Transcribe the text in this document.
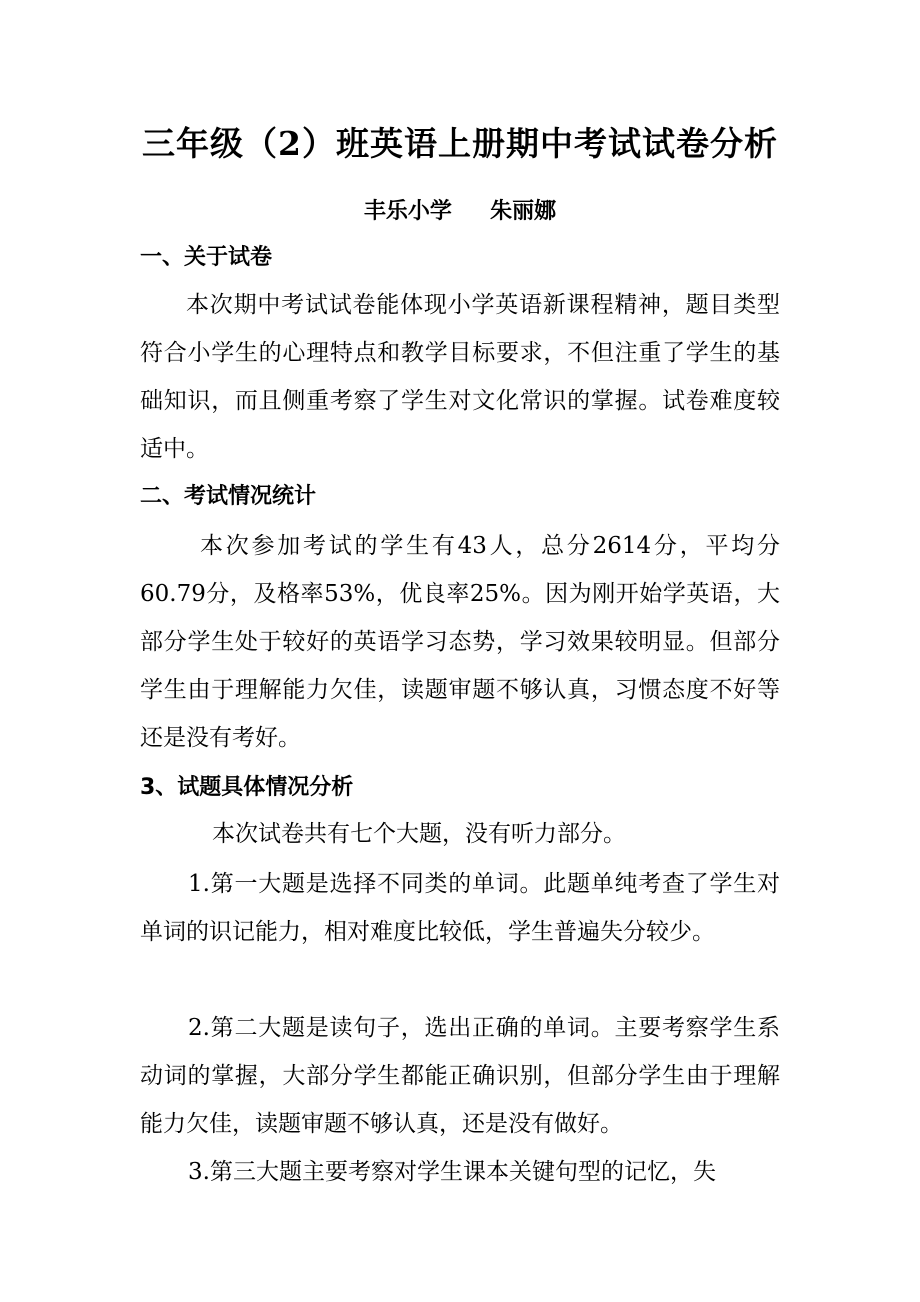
三年级（2）班英语上册期中考试试卷分析
丰乐小学     朱丽娜
一、关于试卷

本次期中考试试卷能体现小学英语新课程精神，题目类型符合小学生的心理特点和教学目标要求，不但注重了学生的基础知识，而且侧重考察了学生对文化常识的掌握。试卷难度较适中。

二、考试情况统计

本次参加考试的学生有43人，总分2614分，平均分60.79分，及格率53%，优良率25%。因为刚开始学英语，大部分学生处于较好的英语学习态势，学习效果较明显。但部分学生由于理解能力欠佳，读题审题不够认真，习惯态度不好等还是没有考好。

3、试题具体情况分析

本次试卷共有七个大题，没有听力部分。

1.第一大题是选择不同类的单词。此题单纯考查了学生对单词的识记能力，相对难度比较低，学生普遍失分较少。

2.第二大题是读句子，选出正确的单词。主要考察学生系动词的掌握，大部分学生都能正确识别，但部分学生由于理解能力欠佳，读题审题不够认真，还是没有做好。

3.第三大题主要考察对学生课本关键句型的记忆，失
